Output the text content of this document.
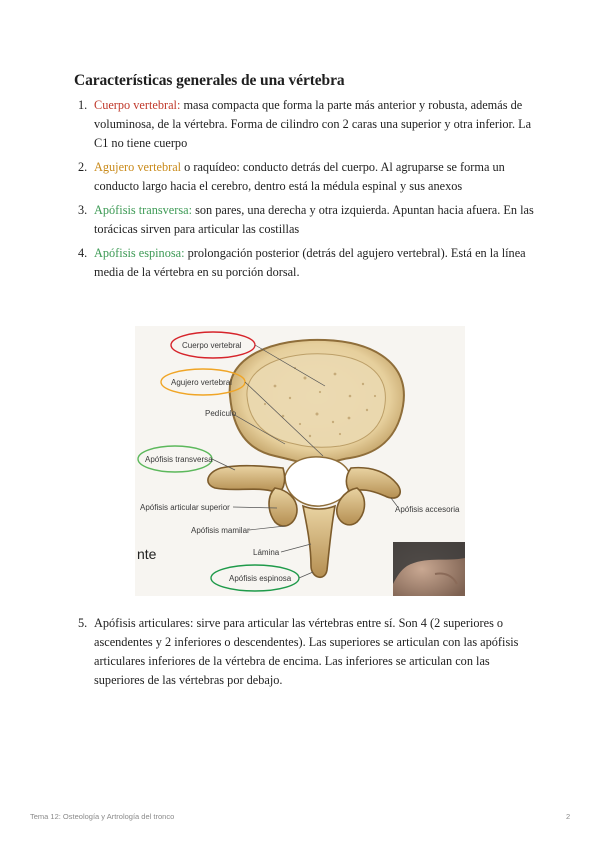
Características generales de una vértebra
1. Cuerpo vertebral: masa compacta que forma la parte más anterior y robusta, además de voluminosa, de la vértebra. Forma de cilindro con 2 caras una superior y otra inferior. La C1 no tiene cuerpo
2. Agujero vertebral o raquídeo: conducto detrás del cuerpo. Al agruparse se forma un conducto largo hacia el cerebro, dentro está la médula espinal y sus anexos
3. Apófisis transversa: son pares, una derecha y otra izquierda. Apuntan hacia afuera. En las torácicas sirven para articular las costillas
4. Apófisis espinosa: prolongación posterior (detrás del agujero vertebral). Está en la línea media de la vértebra en su porción dorsal.
Cuerpo vertebral
Agujero vertebral
Pedículo
Apófisis transversa
Apófisis articular superior
Apófisis mamilar
Lámina
Apófisis espinosa
Apófisis accesoria
nte
5. Apófisis articulares: sirve para articular las vértebras entre sí. Son 4 (2 superiores o ascendentes y 2 inferiores o descendentes). Las superiores se articulan con las apófisis articulares inferiores de la vértebra de encima. Las inferiores se articulan con las superiores de las vértebras por debajo.
Tema 12: Osteología y Artrología del tronco	2
